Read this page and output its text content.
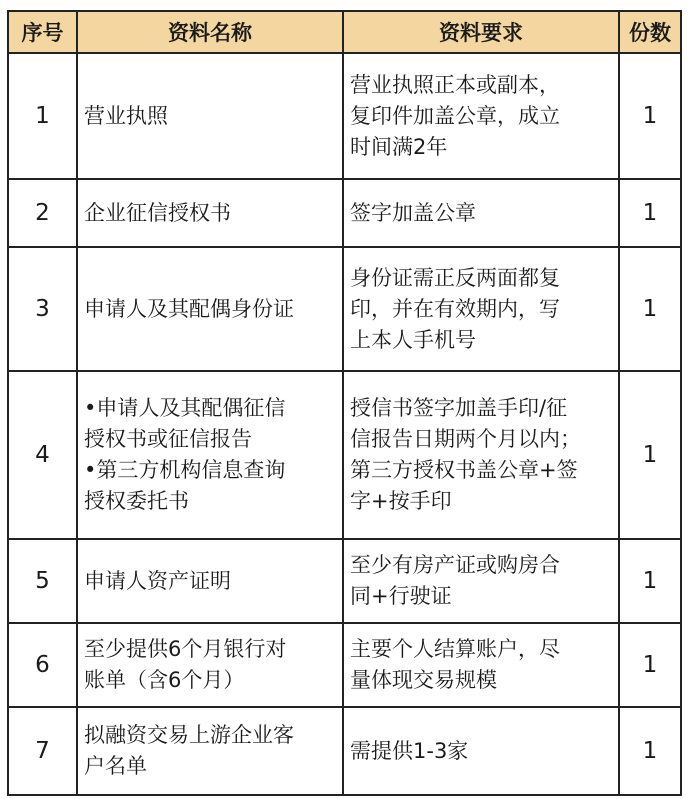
序号	资料名称	资料要求	份数
1	营业执照	营业执照正本或副本，
复印件加盖公章，成立
时间满2年	1
2	企业征信授权书	签字加盖公章	1
3	申请人及其配偶身份证	身份证需正反两面都复
印，并在有效期内，写
上本人手机号	1
4	•申请人及其配偶征信
授权书或征信报告
•第三方机构信息查询
授权委托书	授信书签字加盖手印/征
信报告日期两个月以内；
第三方授权书盖公章+签
字+按手印	1
5	申请人资产证明	至少有房产证或购房合
同+行驶证	1
6	至少提供6个月银行对
账单（含6个月）	主要个人结算账户，尽
量体现交易规模	1
7	拟融资交易上游企业客
户名单	需提供1-3家	1
